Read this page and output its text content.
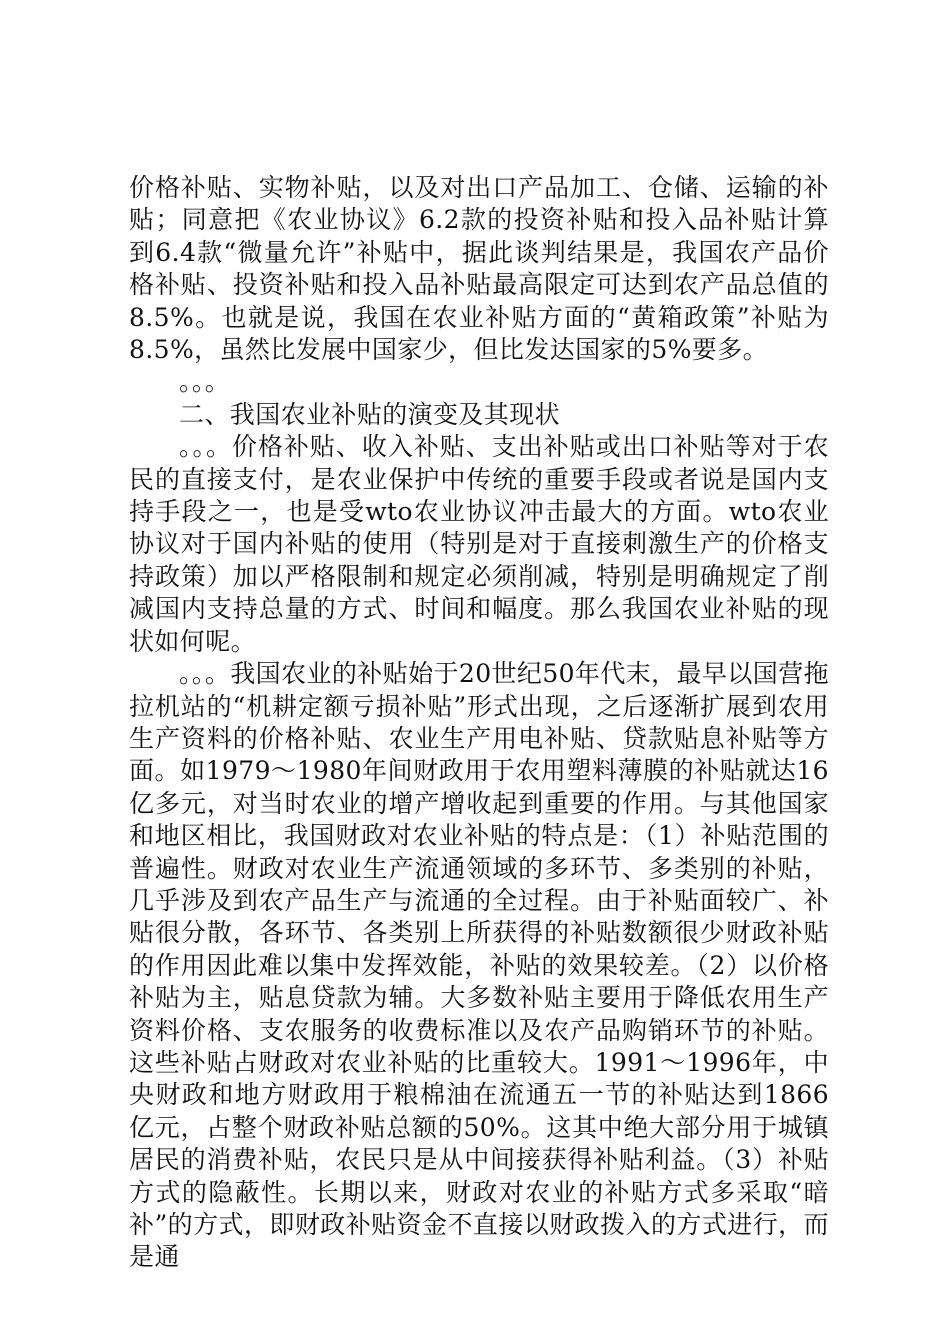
价格补贴、实物补贴，以及对出口产品加工、仓储、运输的补贴；同意把《农业协议》6.2款的投资补贴和投入品补贴计算到6.4款“微量允许”补贴中，据此谈判结果是，我国农产品价格补贴、投资补贴和投入品补贴最高限定可达到农产品总值的8.5%。也就是说，我国在农业补贴方面的“黄箱政策”补贴为8.5%，虽然比发展中国家少，但比发达国家的5%要多。

。。。

二、我国农业补贴的演变及其现状

。。。价格补贴、收入补贴、支出补贴或出口补贴等对于农民的直接支付，是农业保护中传统的重要手段或者说是国内支持手段之一，也是受wto农业协议冲击最大的方面。wto农业协议对于国内补贴的使用（特别是对于直接刺激生产的价格支持政策）加以严格限制和规定必须削减，特别是明确规定了削减国内支持总量的方式、时间和幅度。那么我国农业补贴的现状如何呢。

。。。我国农业的补贴始于20世纪50年代末，最早以国营拖拉机站的“机耕定额亏损补贴”形式出现，之后逐渐扩展到农用生产资料的价格补贴、农业生产用电补贴、贷款贴息补贴等方面。如1979～1980年间财政用于农用塑料薄膜的补贴就达16亿多元，对当时农业的增产增收起到重要的作用。与其他国家和地区相比，我国财政对农业补贴的特点是：（1）补贴范围的普遍性。财政对农业生产流通领域的多环节、多类别的补贴，几乎涉及到农产品生产与流通的全过程。由于补贴面较广、补贴很分散，各环节、各类别上所获得的补贴数额很少财政补贴的作用因此难以集中发挥效能，补贴的效果较差。（2）以价格补贴为主，贴息贷款为辅。大多数补贴主要用于降低农用生产资料价格、支农服务的收费标准以及农产品购销环节的补贴。这些补贴占财政对农业补贴的比重较大。1991～1996年，中央财政和地方财政用于粮棉油在流通五一节的补贴达到1866亿元，占整个财政补贴总额的50%。这其中绝大部分用于城镇居民的消费补贴，农民只是从中间接获得补贴利益。（3）补贴方式的隐蔽性。长期以来，财政对农业的补贴方式多采取“暗补”的方式，即财政补贴资金不直接以财政拨入的方式进行，而是通
